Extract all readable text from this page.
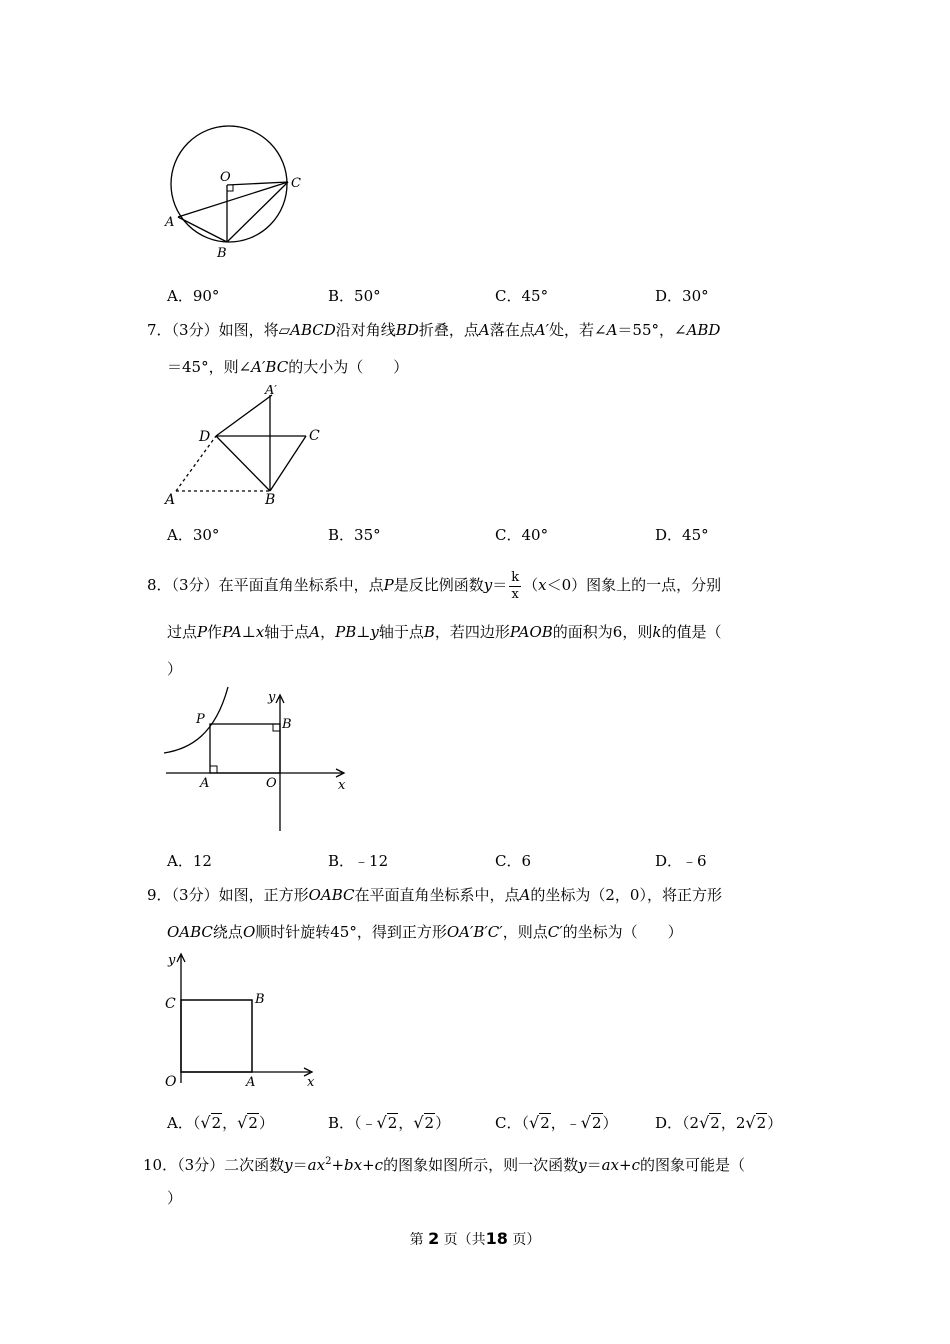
O	C
A
B
A．90°	B．50°	C．45°	D．30°
7．（3分）如图，将▱ABCD沿对角线BD折叠，点A落在点A′处，若∠A＝55°，∠ABD
＝45°，则∠A′BC的大小为（　　）
A′
D	C
A	B
A．30°	B．35°	C．40°	D．45°
8．（3分）在平面直角坐标系中，点P是反比例函数$y= \frac{k}{x} (x<0)$图象上的一点，分别
过点P作PA⊥x轴于点A，PB⊥y轴于点B，若四边形PAOB的面积为6，则k的值是（
）
y
P	B
A	O	x
A．12	B．﹣12	C．6	D．﹣6
9．（3分）如图，正方形OABC在平面直角坐标系中，点A的坐标为（2，0），将正方形
OABC绕点O顺时针旋转45°，得到正方形OA′B′C′，则点C′的坐标为（　　）
y
C	B
O	A	x
A．（√2，√2）	B．（﹣√2，√2）	C．（√2，﹣√2） D．（2√2，2√2）
10．（3分）二次函数$y=ax^2+bx+c$的图象如图所示，则一次函数y＝ax+c的图象可能是（
）
第 2 页（共18 页）
